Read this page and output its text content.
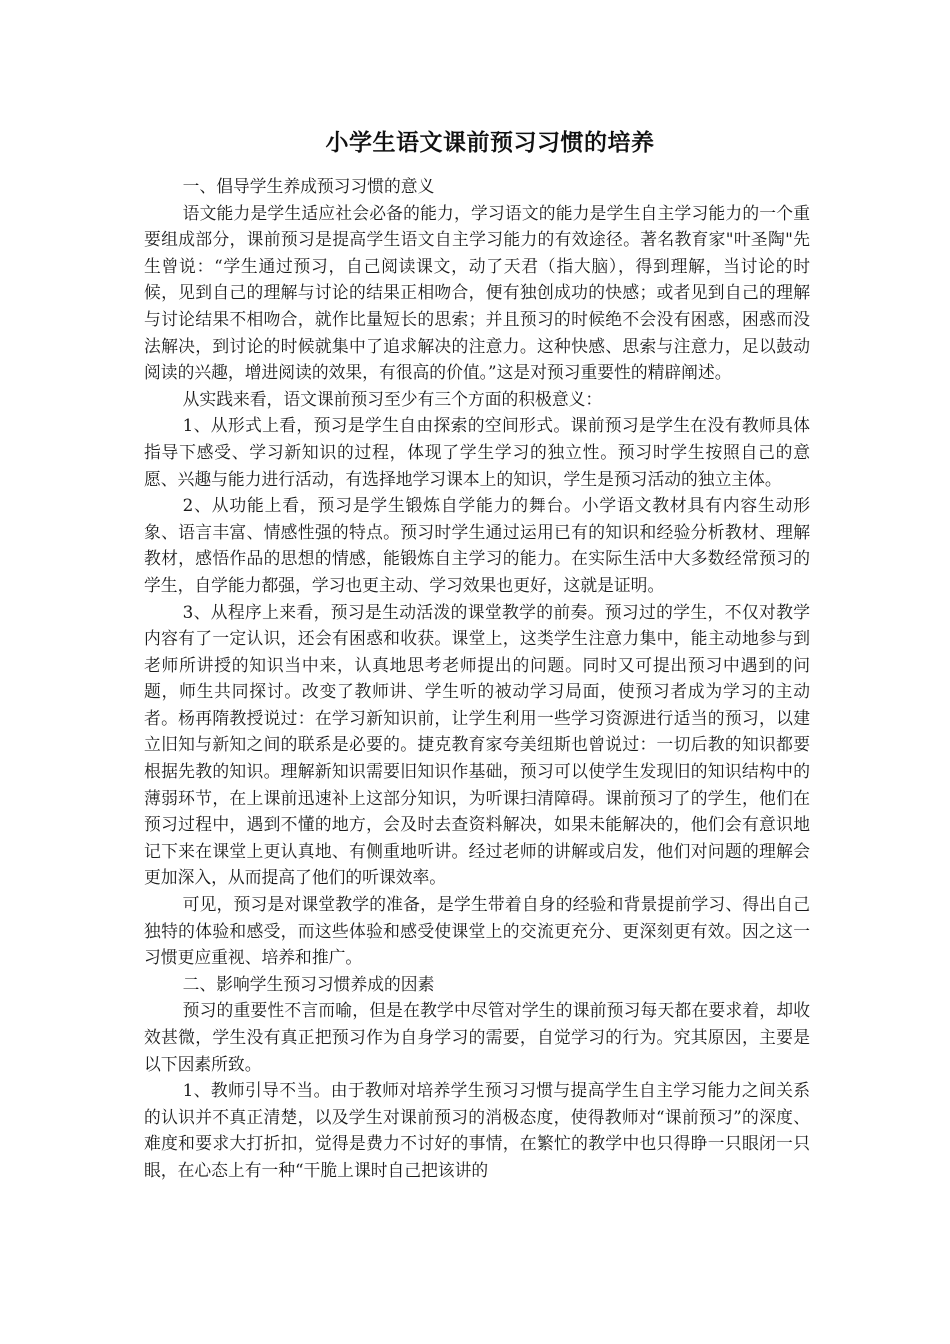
小学生语文课前预习习惯的培养

一、倡导学生养成预习习惯的意义

语文能力是学生适应社会必备的能力，学习语文的能力是学生自主学习能力的一个重要组成部分，课前预习是提高学生语文自主学习能力的有效途径。著名教育家"叶圣陶"先生曾说：“学生通过预习，自己阅读课文，动了天君（指大脑），得到理解，当讨论的时候，见到自己的理解与讨论的结果正相吻合，便有独创成功的快感；或者见到自己的理解与讨论结果不相吻合，就作比量短长的思索；并且预习的时候绝不会没有困惑，困惑而没法解决，到讨论的时候就集中了追求解决的注意力。这种快感、思索与注意力，足以鼓动阅读的兴趣，增进阅读的效果，有很高的价值。”这是对预习重要性的精辟阐述。

从实践来看，语文课前预习至少有三个方面的积极意义：

1、从形式上看，预习是学生自由探索的空间形式。课前预习是学生在没有教师具体指导下感受、学习新知识的过程，体现了学生学习的独立性。预习时学生按照自己的意愿、兴趣与能力进行活动，有选择地学习课本上的知识，学生是预习活动的独立主体。

2、从功能上看，预习是学生锻炼自学能力的舞台。小学语文教材具有内容生动形象、语言丰富、情感性强的特点。预习时学生通过运用已有的知识和经验分析教材、理解教材，感悟作品的思想的情感，能锻炼自主学习的能力。在实际生活中大多数经常预习的学生，自学能力都强，学习也更主动、学习效果也更好，这就是证明。

3、从程序上来看，预习是生动活泼的课堂教学的前奏。预习过的学生，不仅对教学内容有了一定认识，还会有困惑和收获。课堂上，这类学生注意力集中，能主动地参与到老师所讲授的知识当中来，认真地思考老师提出的问题。同时又可提出预习中遇到的问题，师生共同探讨。改变了教师讲、学生听的被动学习局面，使预习者成为学习的主动者。杨再隋教授说过：在学习新知识前，让学生利用一些学习资源进行适当的预习，以建立旧知与新知之间的联系是必要的。捷克教育家夸美纽斯也曾说过：一切后教的知识都要根据先教的知识。理解新知识需要旧知识作基础，预习可以使学生发现旧的知识结构中的薄弱环节，在上课前迅速补上这部分知识，为听课扫清障碍。课前预习了的学生，他们在预习过程中，遇到不懂的地方，会及时去查资料解决，如果未能解决的，他们会有意识地记下来在课堂上更认真地、有侧重地听讲。经过老师的讲解或启发，他们对问题的理解会更加深入，从而提高了他们的听课效率。

可见，预习是对课堂教学的准备，是学生带着自身的经验和背景提前学习、得出自己独特的体验和感受，而这些体验和感受使课堂上的交流更充分、更深刻更有效。因之这一习惯更应重视、培养和推广。

二、影响学生预习习惯养成的因素

预习的重要性不言而喻，但是在教学中尽管对学生的课前预习每天都在要求着，却收效甚微，学生没有真正把预习作为自身学习的需要，自觉学习的行为。究其原因，主要是以下因素所致。

1、教师引导不当。由于教师对培养学生预习习惯与提高学生自主学习能力之间关系的认识并不真正清楚，以及学生对课前预习的消极态度，使得教师对“课前预习”的深度、难度和要求大打折扣，觉得是费力不讨好的事情，在繁忙的教学中也只得睁一只眼闭一只眼，在心态上有一种“干脆上课时自己把该讲的
